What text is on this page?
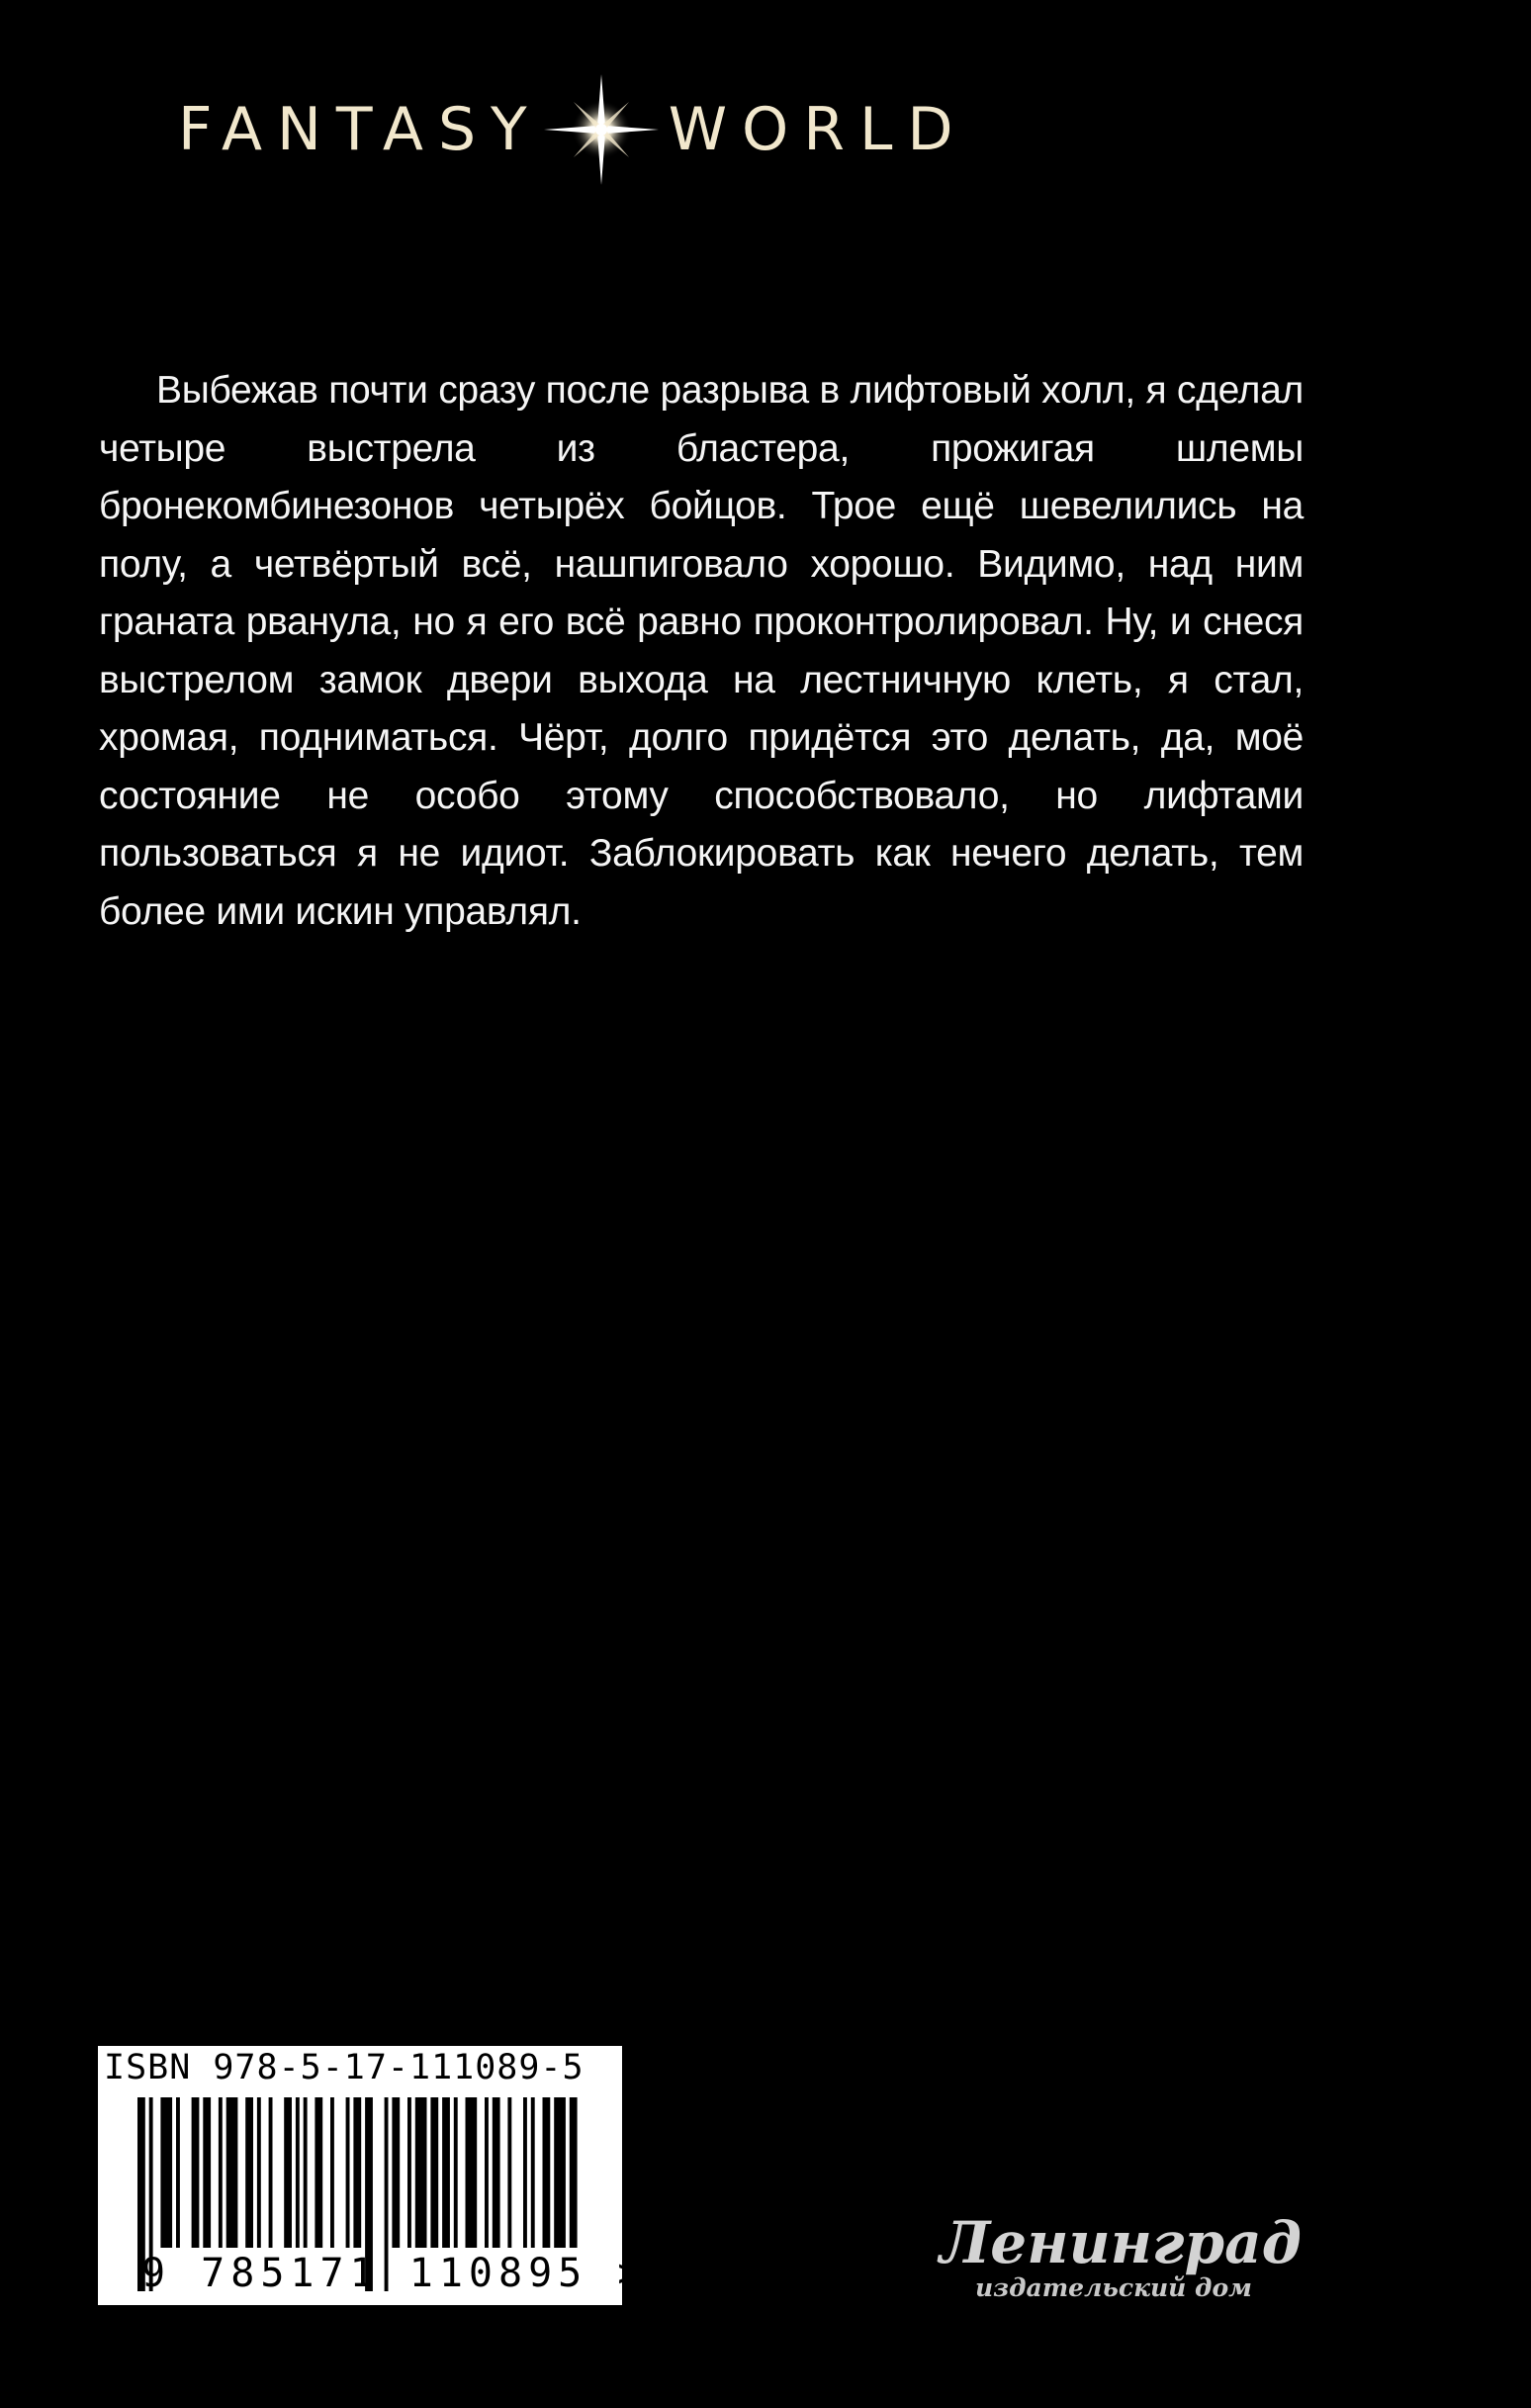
FANTASY WORLD
Выбежав почти сразу после разрыва в лифтовый холл, я сделал четыре выстрела из бластера, прожигая шлемы бронекомбинезонов четырёх бойцов. Трое ещё шевелились на полу, а четвёртый всё, нашпиговало хорошо. Видимо, над ним граната рванула, но я его всё равно проконтролировал. Ну, и снеся выстрелом замок двери выхода на лестничную клеть, я стал, хромая, подниматься. Чёрт, долго придётся это делать, да, моё состояние не особо этому способствовало, но лифтами пользоваться я не идиот. Заблокировать как нечего делать, тем более ими искин управлял.
ISBN 978-5-17-111089-5
9 785171 110895 >	Ленинград
издательский дом
